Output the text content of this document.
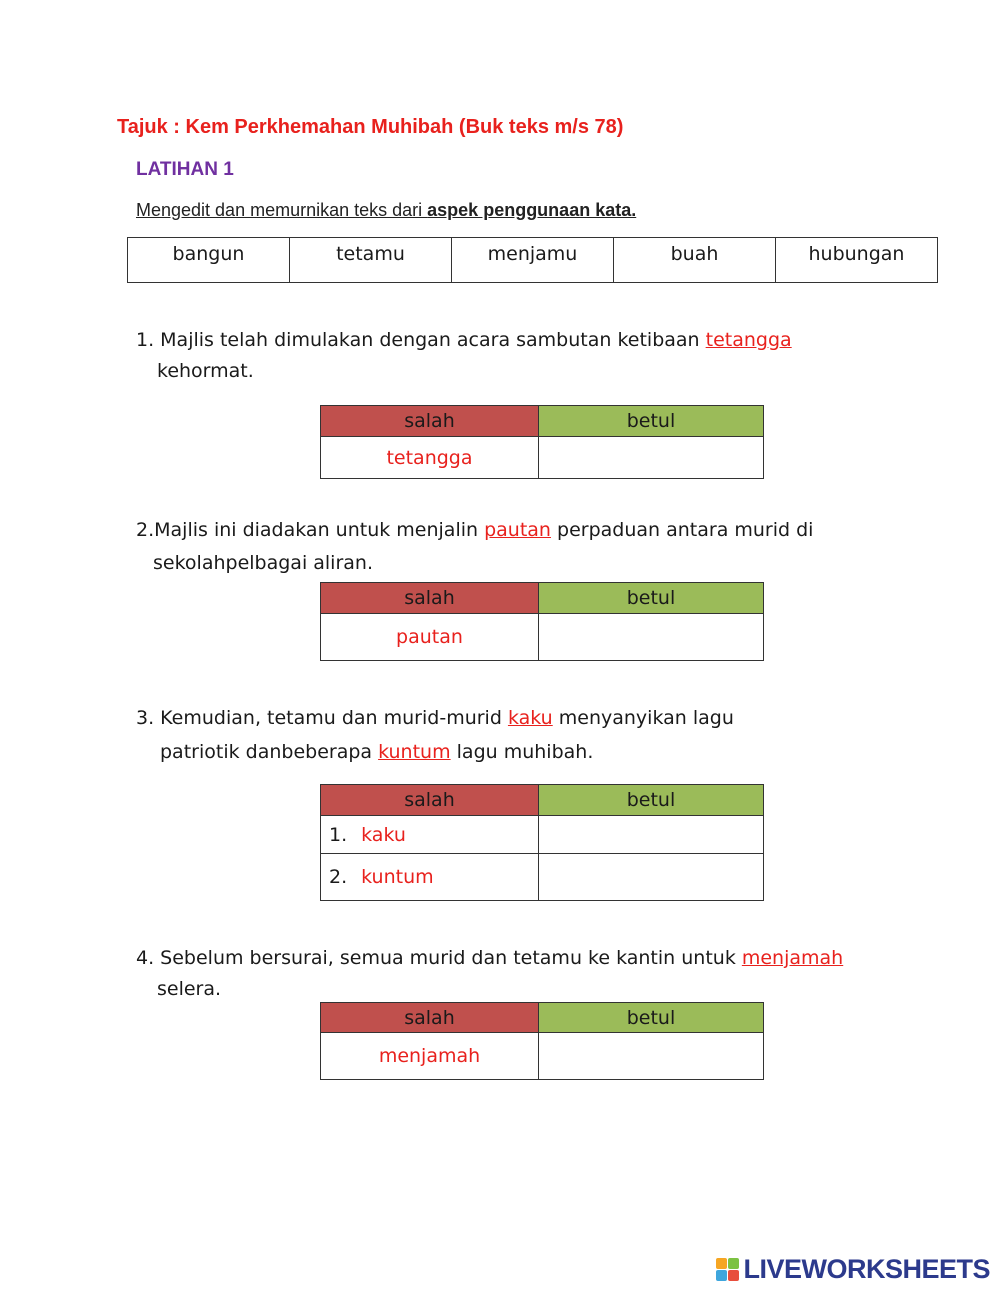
Tajuk : Kem Perkhemahan Muhibah (Buk teks m/s 78)
LATIHAN 1
Mengedit dan memurnikan teks dari aspek penggunaan kata.
bangun	tetamu	menjamu	buah	hubungan
1. Majlis telah dimulakan dengan acara sambutan ketibaan tetangga
kehormat.
salah	betul
tetangga	
2.Majlis ini diadakan untuk menjalin pautan perpaduan antara murid di
sekolahpelbagai aliran.
salah	betul
pautan	
3. Kemudian, tetamu dan murid-murid kaku menyanyikan lagu
patriotik danbeberapa kuntum lagu muhibah.
salah	betul
1. kaku	
2. kuntum	
4. Sebelum bersurai, semua murid dan tetamu ke kantin untuk menjamah
selera.
salah	betul
menjamah	
LIVEWORKSHEETS
